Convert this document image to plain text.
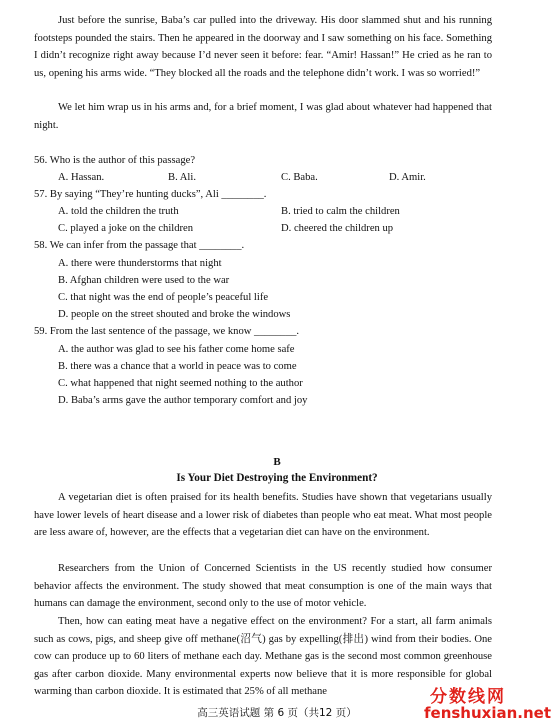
Just before the sunrise, Baba’s car pulled into the driveway. His door slammed shut and his running footsteps pounded the stairs. Then he appeared in the doorway and I saw something on his face. Something I didn’t recognize right away because I’d never seen it before: fear. “Amir! Hassan!” He cried as he ran to us, opening his arms wide. “They blocked all the roads and the telephone didn’t work. I was so worried!”
We let him wrap us in his arms and, for a brief moment, I was glad about whatever had happened that night.
56. Who is the author of this passage?
A. Hassan.	B. Ali.	C. Baba.	D. Amir.
57. By saying “They’re hunting ducks”, Ali ________.
A. told the children the truth	B. tried to calm the children
C. played a joke on the children	D. cheered the children up
58. We can infer from the passage that ________.
A. there were thunderstorms that night
B. Afghan children were used to the war
C. that night was the end of people’s peaceful life
D. people on the street shouted and broke the windows
59. From the last sentence of the passage, we know ________.
A. the author was glad to see his father come home safe
B. there was a chance that a world in peace was to come
C. what happened that night seemed nothing to the author
D. Baba’s arms gave the author temporary comfort and joy
B
Is Your Diet Destroying the Environment?
A vegetarian diet is often praised for its health benefits. Studies have shown that vegetarians usually have lower levels of heart disease and a lower risk of diabetes than people who eat meat. What most people are less aware of, however, are the effects that a vegetarian diet can have on the environment.
Researchers from the Union of Concerned Scientists in the US recently studied how consumer behavior affects the environment. The study showed that meat consumption is one of the main ways that humans can damage the environment, second only to the use of motor vehicle.
Then, how can eating meat have a negative effect on the environment? For a start, all farm animals such as cows, pigs, and sheep give off methane(沼气) gas by expelling(排出) wind from their bodies. One cow can produce up to 60 liters of methane each day. Methane gas is the second most common greenhouse gas after carbon dioxide. Many environmental experts now believe that it is more responsible for global warming than carbon dioxide. It is estimated that 25% of all methane
高三英语试题 第 6 页（共12 页）
分数线网
fenshuxian.net
